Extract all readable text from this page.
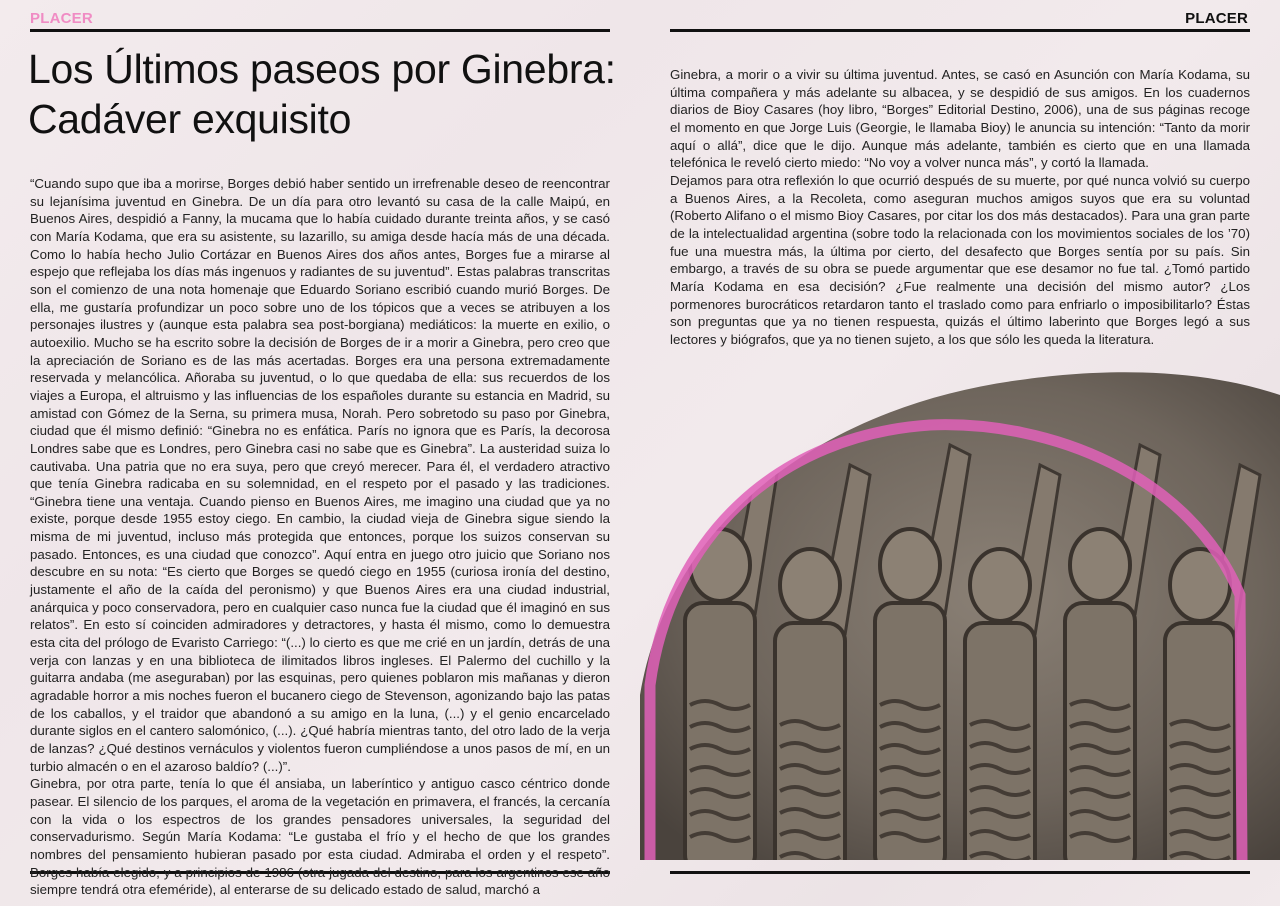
PLACER	PLACER
Los Últimos paseos por Ginebra:
Cadáver exquisito

“Cuando supo que iba a morirse, Borges debió haber sentido un irrefrenable deseo de reencontrar su lejanísima juventud en Ginebra. De un día para otro levantó su casa de la calle Maipú, en Buenos Aires, despidió a Fanny, la mucama que lo había cuidado durante treinta años, y se casó con María Kodama, que era su asistente, su lazarillo, su amiga desde hacía más de una década. Como lo había hecho Julio Cortázar en Buenos Aires dos años antes, Borges fue a mirarse al espejo que reflejaba los días más ingenuos y radiantes de su juventud”. Estas palabras transcritas son el comienzo de una nota homenaje que Eduardo Soriano escribió cuando murió Borges. De ella, me gustaría profundizar un poco sobre uno de los tópicos que a veces se atribuyen a los personajes ilustres y (aunque esta palabra sea post-borgiana) mediáticos: la muerte en exilio, o autoexilio. Mucho se ha escrito sobre la decisión de Borges de ir a morir a Ginebra, pero creo que la apreciación de Soriano es de las más acertadas. Borges era una persona extremadamente reservada y melancólica. Añoraba su juventud, o lo que quedaba de ella: sus recuerdos de los viajes a Europa, el altruismo y las influencias de los españoles durante su estancia en Madrid, su amistad con Gómez de la Serna, su primera musa, Norah. Pero sobretodo su paso por Ginebra, ciudad que él mismo definió: “Ginebra no es enfática. París no ignora que es París, la decorosa Londres sabe que es Londres, pero Ginebra casi no sabe que es Ginebra”. La austeridad suiza lo cautivaba. Una patria que no era suya, pero que creyó merecer. Para él, el verdadero atractivo que tenía Ginebra radicaba en su solemnidad, en el respeto por el pasado y las tradiciones. “Ginebra tiene una ventaja. Cuando pienso en Buenos Aires, me imagino una ciudad que ya no existe, porque desde 1955 estoy ciego. En cambio, la ciudad vieja de Ginebra sigue siendo la misma de mi juventud, incluso más protegida que entonces, porque los suizos conservan su pasado. Entonces, es una ciudad que conozco”. Aquí entra en juego otro juicio que Soriano nos descubre en su nota: “Es cierto que Borges se quedó ciego en 1955 (curiosa ironía del destino, justamente el año de la caída del peronismo) y que Buenos Aires era una ciudad industrial, anárquica y poco conservadora, pero en cualquier caso nunca fue la ciudad que él imaginó en sus relatos”. En esto sí coinciden admiradores y detractores, y hasta él mismo, como lo demuestra esta cita del prólogo de Evaristo Carriego: “(...) lo cierto es que me crié en un jardín, detrás de una verja con lanzas y en una biblioteca de ilimitados libros ingleses. El Palermo del cuchillo y la guitarra andaba (me aseguraban) por las esquinas, pero quienes poblaron mis mañanas y dieron agradable horror a mis noches fueron el bucanero ciego de Stevenson, agonizando bajo las patas de los caballos, y el traidor que abandonó a su amigo en la luna, (...) y el genio encarcelado durante siglos en el cantero salomónico, (...). ¿Qué habría mientras tanto, del otro lado de la verja de lanzas? ¿Qué destinos vernáculos y violentos fueron cumpliéndose a unos pasos de mí, en un turbio almacén o en el azaroso baldío? (...)”.

Ginebra, por otra parte, tenía lo que él ansiaba, un laberíntico y antiguo casco céntrico donde pasear. El silencio de los parques, el aroma de la vegetación en primavera, el francés, la cercanía con la vida o los espectros de los grandes pensadores universales, la seguridad del conservadurismo. Según María Kodama: “Le gustaba el frío y el hecho de que los grandes nombres del pensamiento hubieran pasado por esta ciudad. Admiraba el orden y el respeto”. Borges había elegido, y a principios de 1986 (otra jugada del destino, para los argentinos ese año siempre tendrá otra efeméride), al enterarse de su delicado estado de salud, marchó a

Ginebra, a morir o a vivir su última juventud. Antes, se casó en Asunción con María Kodama, su última compañera y más adelante su albacea, y se despidió de sus amigos. En los cuadernos diarios de Bioy Casares (hoy libro, “Borges” Editorial Destino, 2006), una de sus páginas recoge el momento en que Jorge Luis (Georgie, le llamaba Bioy) le anuncia su intención: “Tanto da morir aquí o allá”, dice que le dijo. Aunque más adelante, también es cierto que en una llamada telefónica le reveló cierto miedo: “No voy a volver nunca más”, y cortó la llamada.

Dejamos para otra reflexión lo que ocurrió después de su muerte, por qué nunca volvió su cuerpo a Buenos Aires, a la Recoleta, como aseguran muchos amigos suyos que era su voluntad (Roberto Alifano o el mismo Bioy Casares, por citar los dos más destacados). Para una gran parte de la intelectualidad argentina (sobre todo la relacionada con los movimientos sociales de los ’70) fue una muestra más, la última por cierto, del desafecto que Borges sentía por su país. Sin embargo, a través de su obra se puede argumentar que ese desamor no fue tal. ¿Tomó partido María Kodama en esa decisión? ¿Fue realmente una decisión del mismo autor? ¿Los pormenores burocráticos retardaron tanto el traslado como para enfriarlo o imposibilitarlo? Éstas son preguntas que ya no tienen respuesta, quizás el último laberinto que Borges legó a sus lectores y biógrafos, que ya no tienen sujeto, a los que sólo les queda la literatura.
